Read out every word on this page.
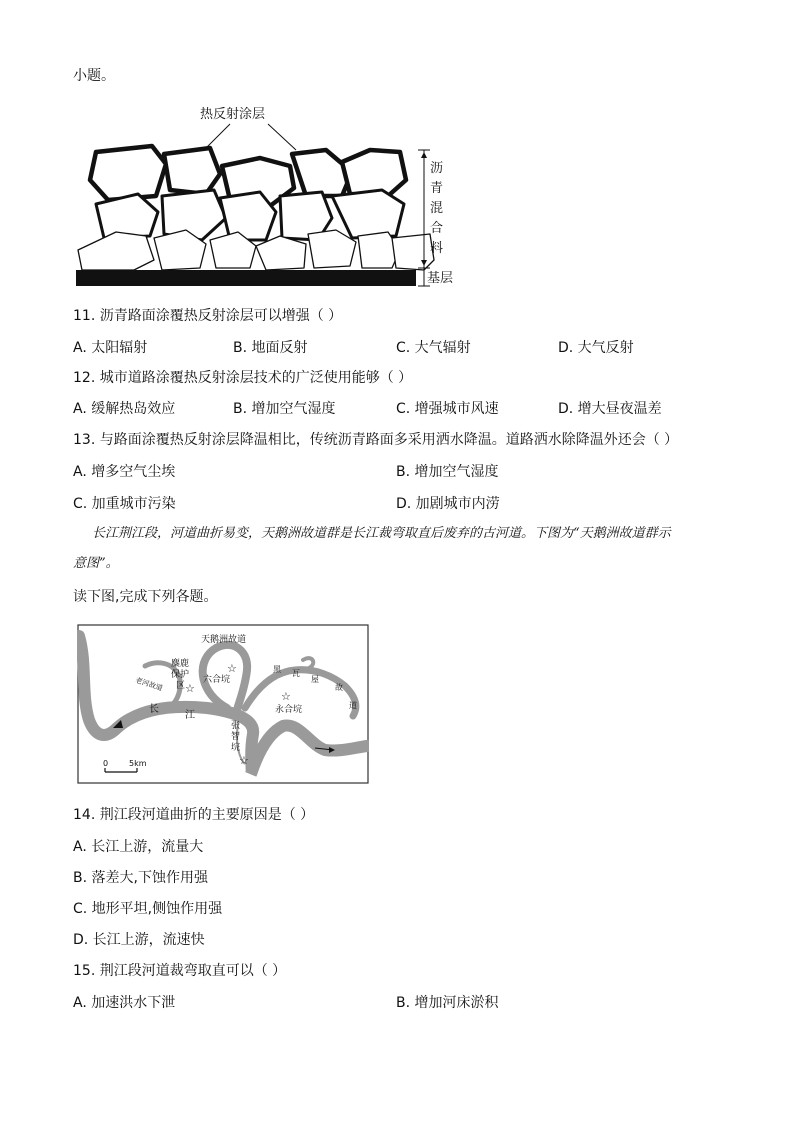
小题。
热反射涂层
沥
青
混
合
料
基层
11. 沥青路面涂覆热反射涂层可以增强（ ）
A. 太阳辐射	B. 地面反射	C. 大气辐射	D. 大气反射
12. 城市道路涂覆热反射涂层技术的广泛使用能够（ ）
A. 缓解热岛效应	B. 增加空气湿度	C. 增强城市风速	D. 增大昼夜温差
13. 与路面涂覆热反射涂层降温相比，传统沥青路面多采用洒水降温。道路洒水除降温外还会（ ）
A. 增多空气尘埃	B. 增加空气湿度
C. 加重城市污染	D. 加剧城市内涝
长江荆江段，河道曲折易变，天鹅洲故道群是长江裁弯取直后废弃的古河道。下图为“天鹅洲故道群示
意图”。
读下图,完成下列各题。
☆
☆
☆
☆
天鹅洲故道
麋鹿
保护
区
六合垸
永合垸
老河故道
长
江
张
智
垸
黑 瓦
屋
故
道
0	5km
14. 荆江段河道曲折的主要原因是（ ）
A. 长江上游，流量大
B. 落差大,下蚀作用强
C. 地形平坦,侧蚀作用强
D. 长江上游，流速快
15. 荆江段河道裁弯取直可以（ ）
A. 加速洪水下泄	B. 增加河床淤积
